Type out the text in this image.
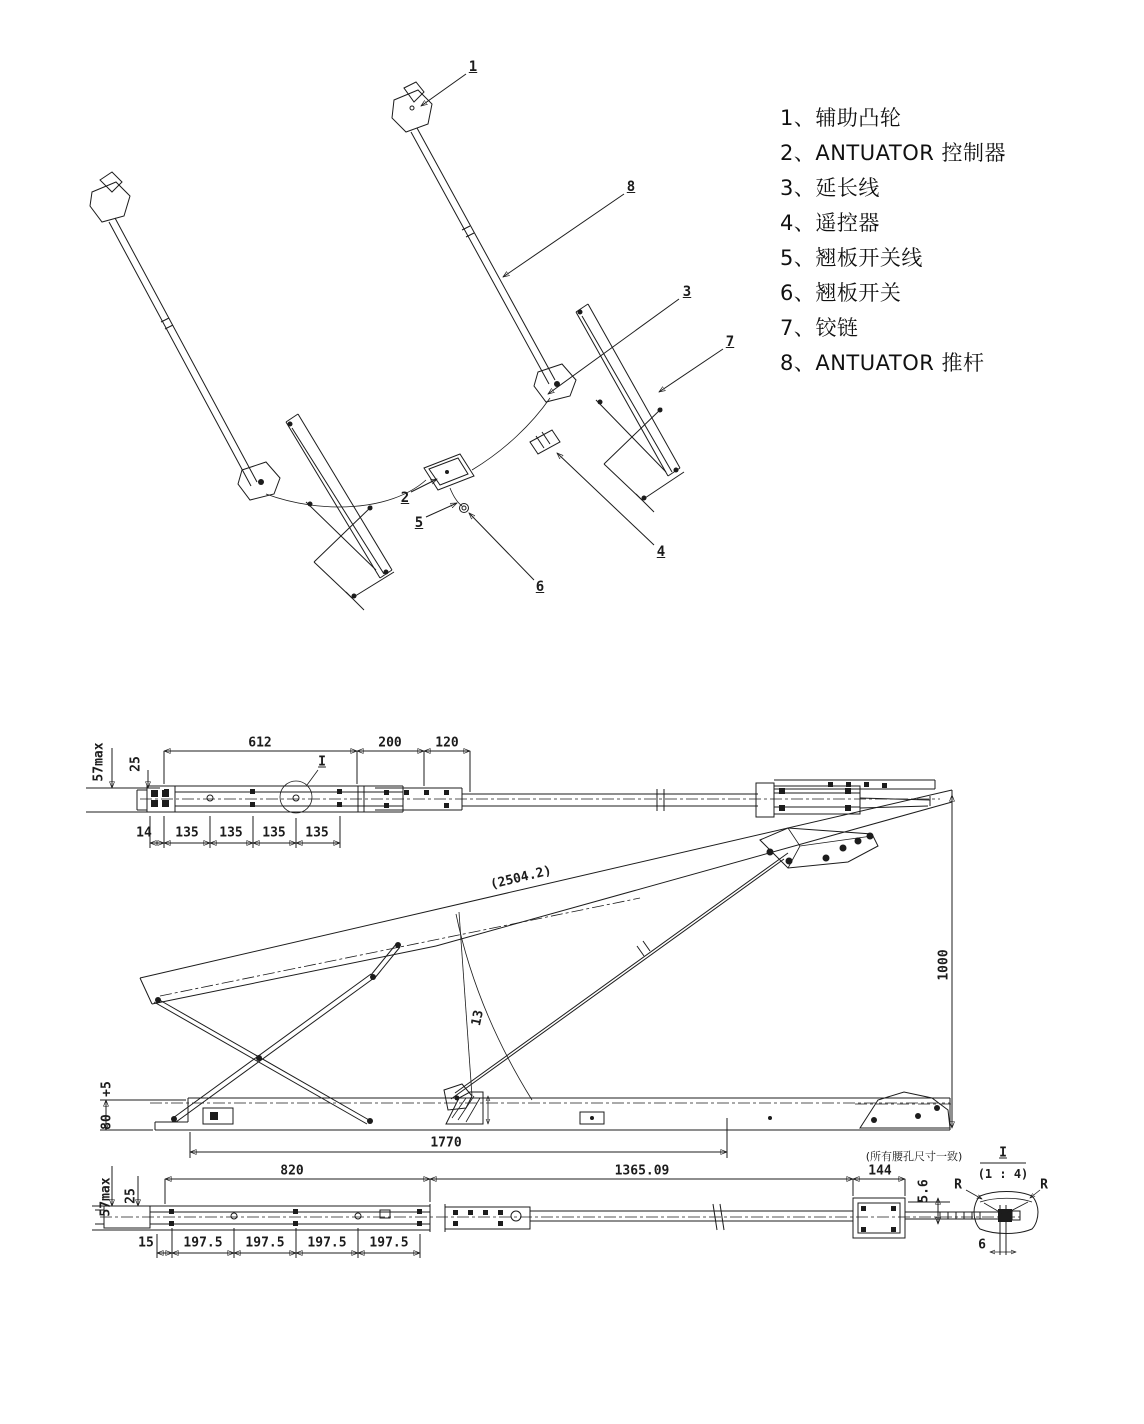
1、辅助凸轮
2、ANTUATOR 控制器
3、延长线
4、遥控器
5、翘板开关线
6、翘板开关
7、铰链
8、ANTUATOR 推杆
1
8
3
7
2
5
6
4
612	200	120
57max 25
14 135 135 135 135
I
(2504.2)
13
1000
+5
80
1770
820	1365.09	144
(所有腰孔尺寸一致)
5.6
57max 25
15 197.5 197.5 197.5 197.5
I
(1 : 4)
R	R
6
